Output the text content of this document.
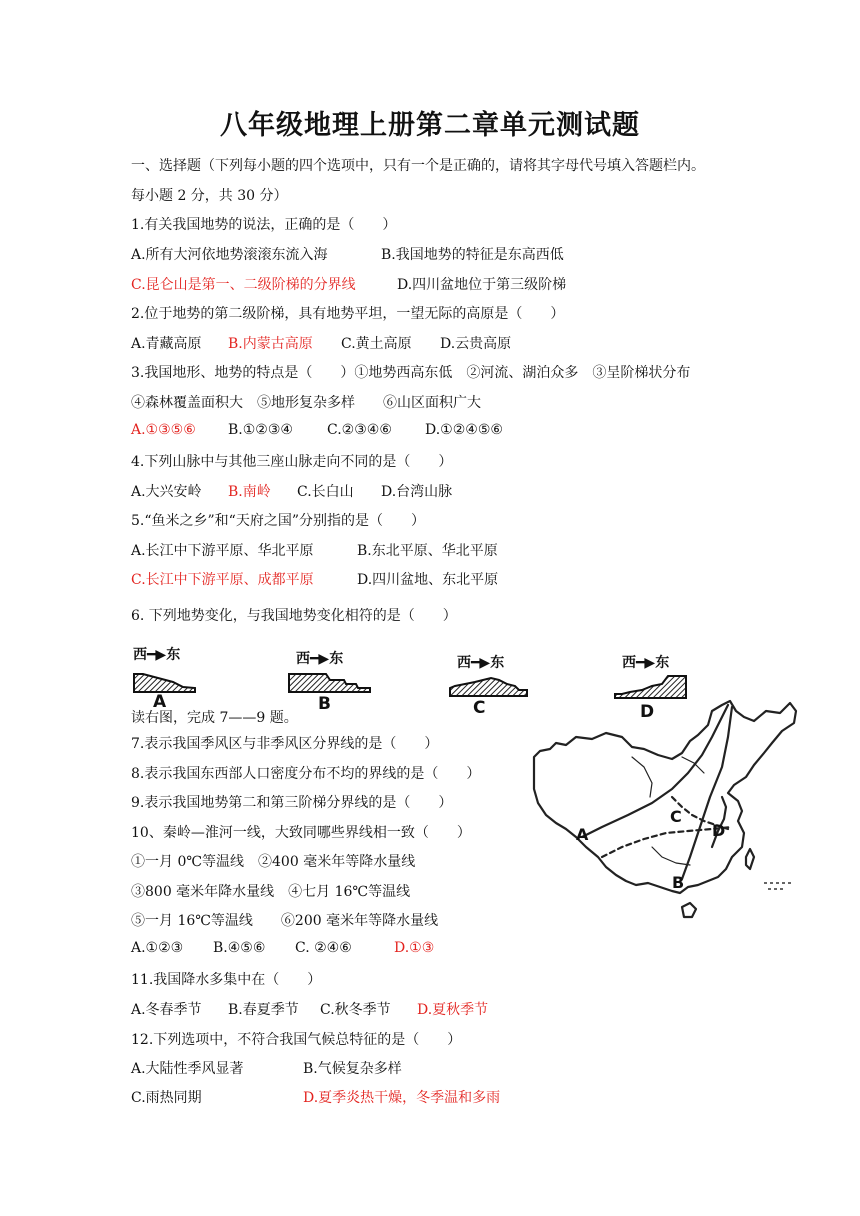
八年级地理上册第二章单元测试题
一、选择题（下列每小题的四个选项中，只有一个是正确的，请将其字母代号填入答题栏内。
每小题 2 分，共 30 分）
1.有关我国地势的说法，正确的是（　　）
A.所有大河依地势滚滚东流入海	B.我国地势的特征是东高西低
C.昆仑山是第一、二级阶梯的分界线	D.四川盆地位于第三级阶梯
2.位于地势的第二级阶梯，具有地势平坦，一望无际的高原是（　　）
A.青藏高原 B.内蒙古高原 C.黄土高原 D.云贵高原
3.我国地形、地势的特点是（　　）①地势西高东低　②河流、湖泊众多　③呈阶梯状分布
④森林覆盖面积大　⑤地形复杂多样　　⑥山区面积广大
A.①③⑤⑥ B.①②③④ C.②③④⑥ D.①②④⑤⑥
4.下列山脉中与其他三座山脉走向不同的是（　　）
A.大兴安岭 B.南岭 C.长白山 D.台湾山脉
5.“鱼米之乡”和“天府之国”分别指的是（　　）
A.长江中下游平原、华北平原	B.东北平原、华北平原
C.长江中下游平原、成都平原	D.四川盆地、东北平原
6. 下列地势变化，与我国地势变化相符的是（　　）
西━▶东
A
西━▶东
B
西━▶东
C
西━▶东
D
读右图，完成 7——9 题。
7.表示我国季风区与非季风区分界线的是（　　）
8.表示我国东西部人口密度分布不均的界线的是（　　）
9.表示我国地势第二和第三阶梯分界线的是（　　）
10、秦岭—淮河一线，大致同哪些界线相一致（　　）
①一月 0℃等温线　②400 毫米年等降水量线
③800 毫米年降水量线　④七月 16℃等温线
⑤一月 16℃等温线　　⑥200 毫米年等降水量线
A.①②③ B.④⑤⑥ C. ②④⑥	D.①③
A
B
C
D
11.我国降水多集中在（　　）
A.冬春季节 B.春夏季节 C.秋冬季节 D.夏秋季节
12.下列选项中，不符合我国气候总特征的是（　　）
A.大陆性季风显著	B.气候复杂多样
C.雨热同期	D.夏季炎热干燥，冬季温和多雨
